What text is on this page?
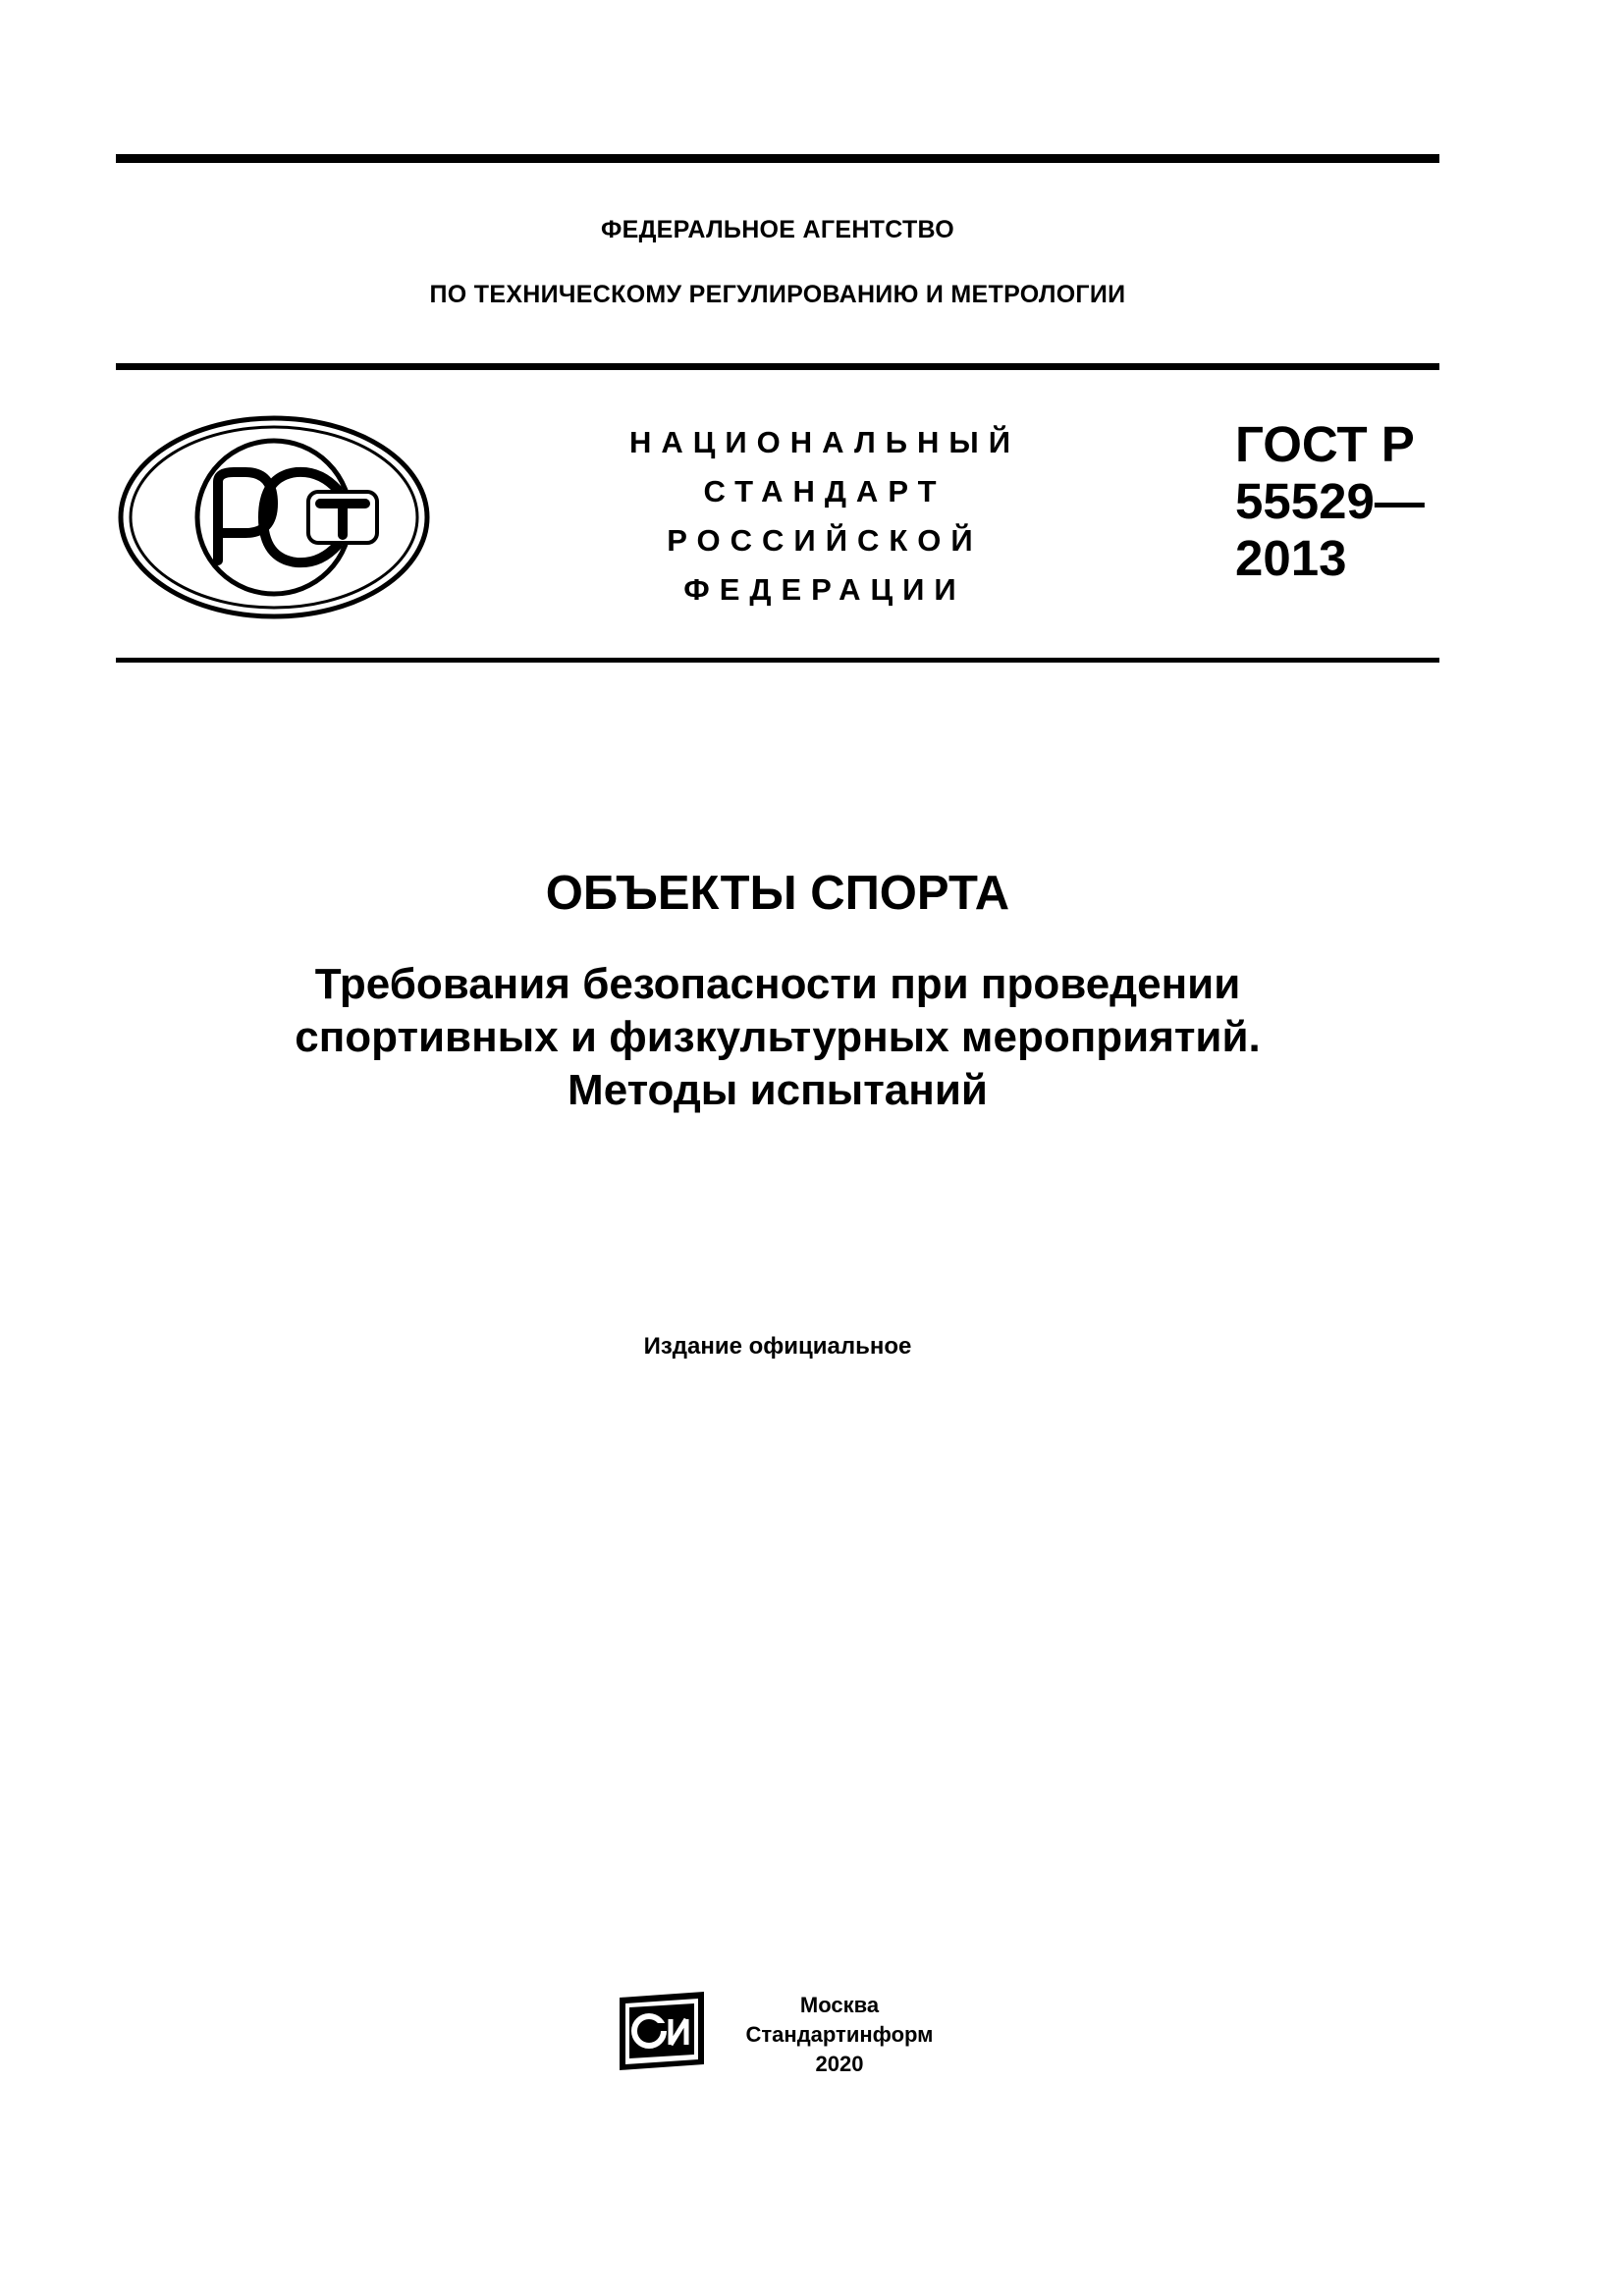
ФЕДЕРАЛЬНОЕ АГЕНТСТВО
ПО ТЕХНИЧЕСКОМУ РЕГУЛИРОВАНИЮ И МЕТРОЛОГИИ
НАЦИОНАЛЬНЫЙ
СТАНДАРТ
РОССИЙСКОЙ
ФЕДЕРАЦИИ
ГОСТ Р
55529—
2013
ОБЪЕКТЫ СПОРТА
Требования безопасности при проведении
спортивных и физкультурных мероприятий.
Методы испытаний
Издание официальное
Москва
Стандартинформ
2020
